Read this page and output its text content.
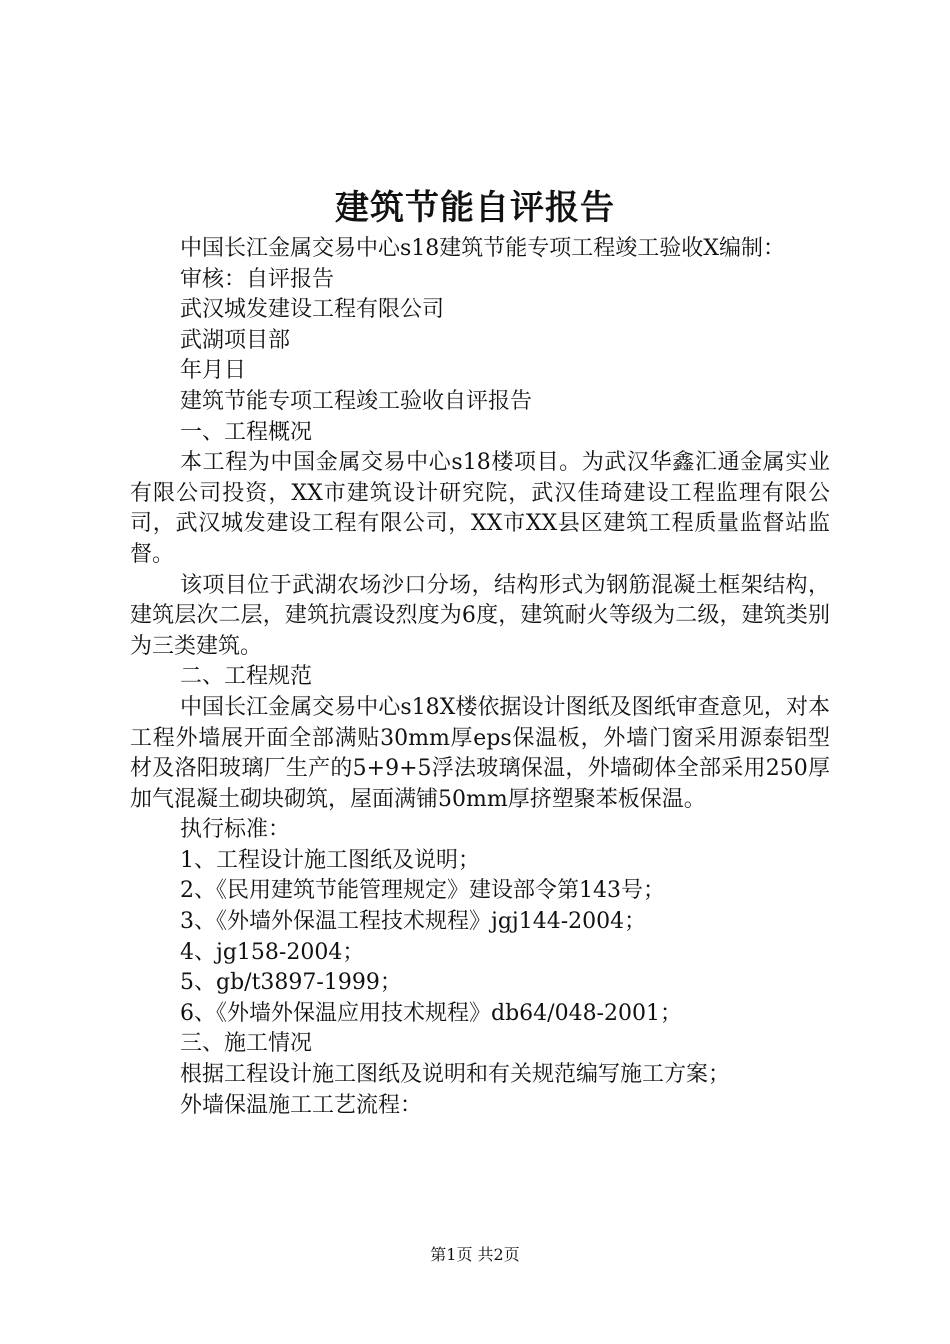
建筑节能自评报告

中国长江金属交易中心s18建筑节能专项工程竣工验收X编制：

审核：自评报告

武汉城发建设工程有限公司

武湖项目部

年月日

建筑节能专项工程竣工验收自评报告

一、工程概况

本工程为中国金属交易中心s18楼项目。为武汉华鑫汇通金属实业有限公司投资，XX市建筑设计研究院，武汉佳琦建设工程监理有限公司，武汉城发建设工程有限公司，XX市XX县区建筑工程质量监督站监督。

该项目位于武湖农场沙口分场，结构形式为钢筋混凝土框架结构，建筑层次二层，建筑抗震设烈度为6度，建筑耐火等级为二级，建筑类别为三类建筑。

二、工程规范

中国长江金属交易中心s18X楼依据设计图纸及图纸审查意见，对本工程外墙展开面全部满贴30mm厚eps保温板，外墙门窗采用源泰铝型材及洛阳玻璃厂生产的5+9+5浮法玻璃保温，外墙砌体全部采用250厚加气混凝土砌块砌筑，屋面满铺50mm厚挤塑聚苯板保温。

执行标准：

1、工程设计施工图纸及说明；

2、《民用建筑节能管理规定》建设部令第143号；

3、《外墙外保温工程技术规程》jgj144-2004；

4、jg158-2004；

5、gb/t3897-1999；

6、《外墙外保温应用技术规程》db64/048-2001；

三、施工情况

根据工程设计施工图纸及说明和有关规范编写施工方案；

外墙保温施工工艺流程：

第1页 共2页
